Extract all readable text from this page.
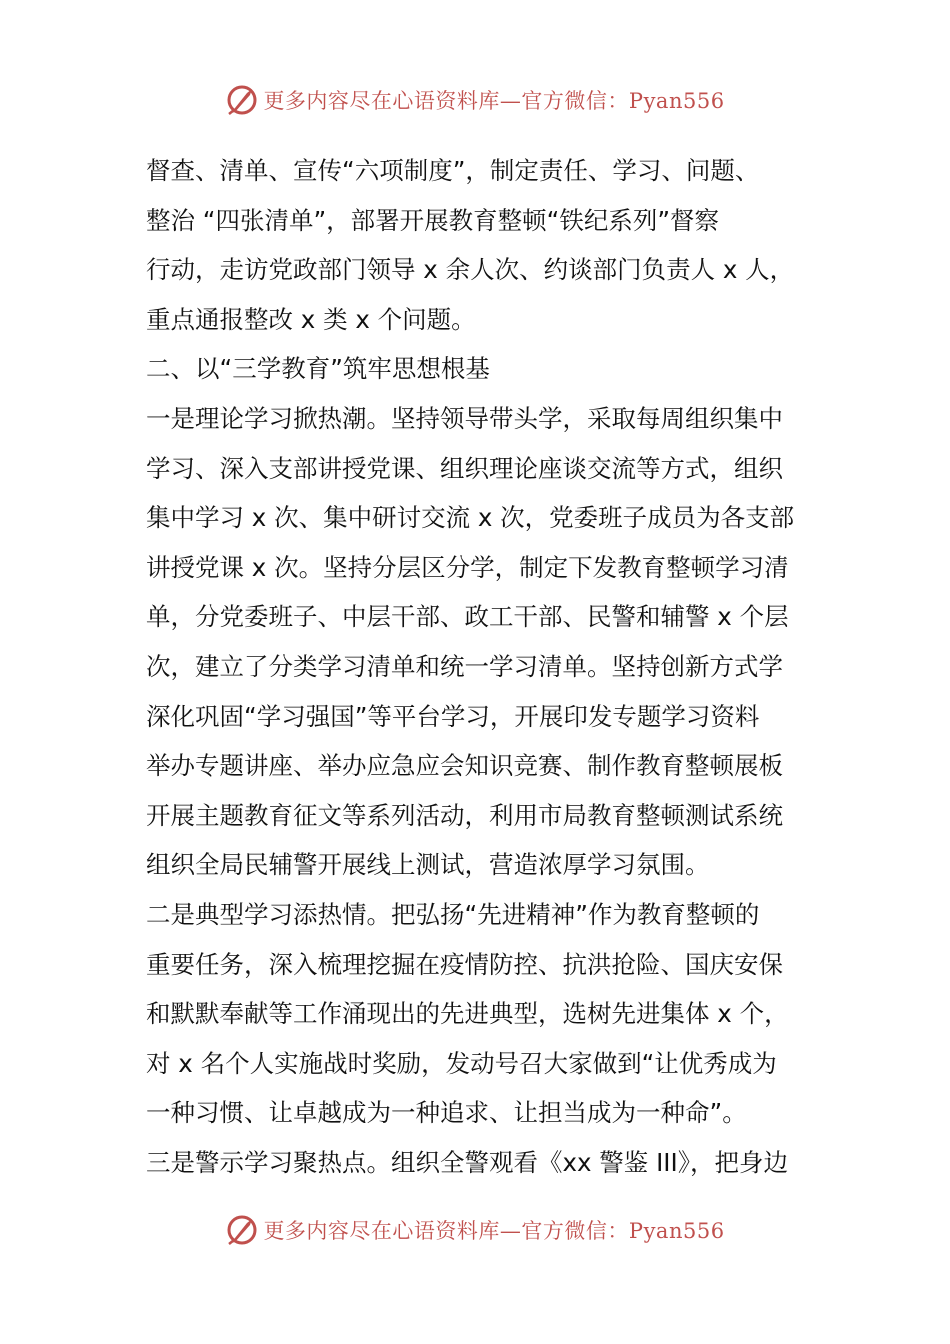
更多内容尽在心语资料库—官方微信：Pyan556
督查、清单、宣传“六项制度”，制定责任、学习、问题、
整治 “四张清单”，部署开展教育整顿“铁纪系列”督察
行动，走访党政部门领导 x 余人次、约谈部门负责人 x 人，
重点通报整改 x 类 x 个问题。
二、以“三学教育”筑牢思想根基
一是理论学习掀热潮。坚持领导带头学，采取每周组织集中
学习、深入支部讲授党课、组织理论座谈交流等方式，组织
集中学习 x 次、集中研讨交流 x 次，党委班子成员为各支部
讲授党课 x 次。坚持分层区分学，制定下发教育整顿学习清
单，分党委班子、中层干部、政工干部、民警和辅警 x 个层
次，建立了分类学习清单和统一学习清单。坚持创新方式学
深化巩固“学习强国”等平台学习，开展印发专题学习资料
举办专题讲座、举办应急应会知识竞赛、制作教育整顿展板
开展主题教育征文等系列活动，利用市局教育整顿测试系统
组织全局民辅警开展线上测试，营造浓厚学习氛围。
二是典型学习添热情。把弘扬“先进精神”作为教育整顿的
重要任务，深入梳理挖掘在疫情防控、抗洪抢险、国庆安保
和默默奉献等工作涌现出的先进典型，选树先进集体 x 个，
对 x 名个人实施战时奖励，发动号召大家做到“让优秀成为
一种习惯、让卓越成为一种追求、让担当成为一种命”。
三是警示学习聚热点。组织全警观看《xx 警鉴 III》，把身边
更多内容尽在心语资料库—官方微信：Pyan556
